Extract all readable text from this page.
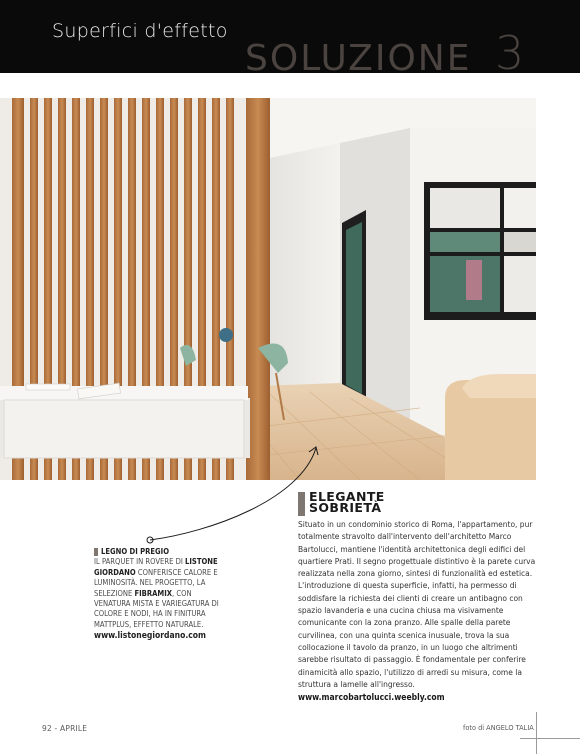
Superfici d'effetto
SOLUZIONE 3
LEGNO DI PREGIO
IL PARQUET IN ROVERE DI LISTONE GIORDANO CONFERISCE CALORE E LUMINOSITÀ. NEL PROGETTO, LA SELEZIONE FIBRAMIX, CON VENATURA MISTA E VARIEGATURA DI COLORE E NODI, HA IN FINITURA MATTPLUS, EFFETTO NATURALE.
www.listonegiordano.com
ELEGANTE
SOBRIETÀ
Situato in un condominio storico di Roma, l'appartamento, pur totalmente stravolto dall'intervento dell'architetto Marco Bartolucci, mantiene l'identità architettonica degli edifici del quartiere Prati. Il segno progettuale distintivo è la parete curva realizzata nella zona giorno, sintesi di funzionalità ed estetica. L'introduzione di questa superficie, infatti, ha permesso di soddisfare la richiesta dei clienti di creare un antibagno con spazio lavanderia e una cucina chiusa ma visivamente comunicante con la zona pranzo. Alle spalle della parete curvilinea, con una quinta scenica inusuale, trova la sua collocazione il tavolo da pranzo, in un luogo che altrimenti sarebbe risultato di passaggio. È fondamentale per conferire dinamicità allo spazio, l'utilizzo di arredi su misura, come la struttura a lamelle all'ingresso.
www.marcobartolucci.weebly.com
92 - APRILE	foto di ANGELO TALIA
